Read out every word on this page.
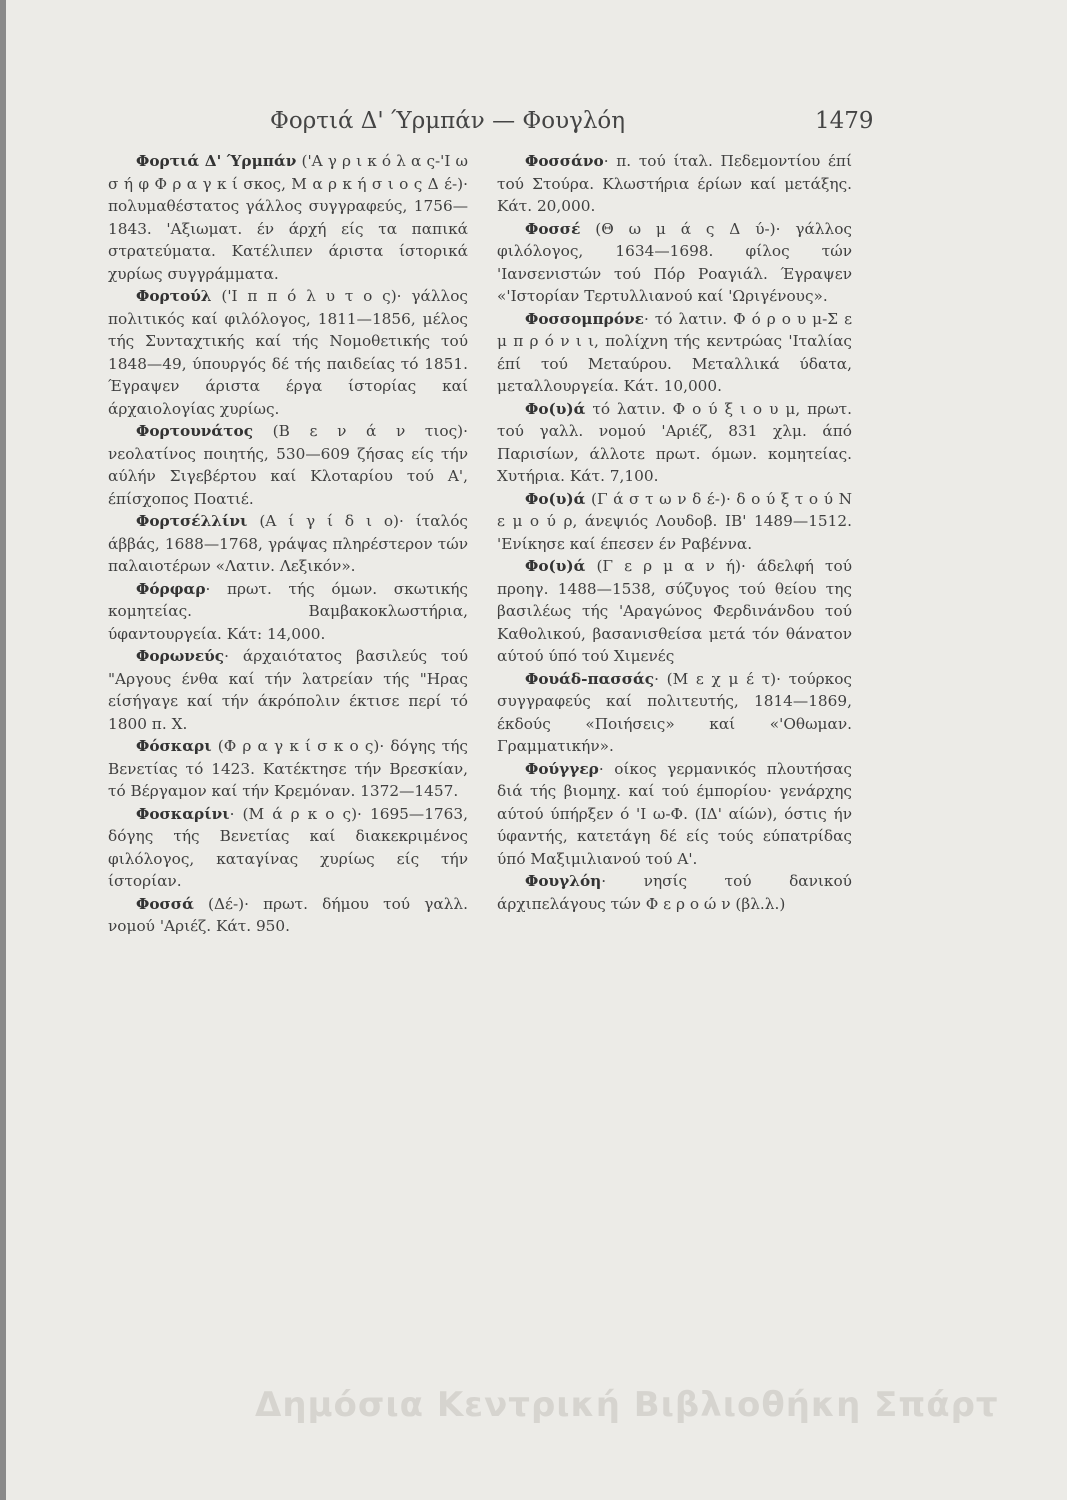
Φορτιά Δ' Ύρμπάν — Φουγλόη	1479

Φορτιά Δ' Ύρμπάν ('Α γ ρ ι κ ό λ α ς-'Ι ω σ ή φ Φ ρ α γ κ ί σκος, Μ α ρ κ ή σ ι ο ς Δ έ-)· πολυμαθέστατος γάλλος συγγραφεύς, 1756—1843. 'Αξιωματ. έν άρχή είς τα παπικά στρατεύματα. Κατέλιπεν άριστα ίστορικά χυρίως συγγράμματα.

Φορτούλ ('Ι π π ό λ υ τ ο ς)· γάλλος πολιτικός καί φιλόλογος, 1811—1856, μέλος τής Συνταχτικής καί τής Νομοθετικής τού 1848—49, ύπουργός δέ τής παιδείας τό 1851. Έγραψεν άριστα έργα ίστορίας καί άρχαιολογίας χυρίως.

Φορτουνάτος (Β ε ν ά ν τιος)· νεολατίνος ποιητής, 530—609 ζήσας είς τήν αύλήν Σιγεβέρτου καί Κλοταρίου τού Α', έπίσχοπος Ποατιέ.

Φορτσέλλίνι (Α ί γ ί δ ι ο)· ίταλός άββάς, 1688—1768, γράψας πληρέστερον τών παλαιοτέρων «Λατιν. Λεξικόν».

Φόρφαρ· πρωτ. τής όμων. σκωτικής κομητείας. Βαμβακοκλωστήρια, ύφαντουργεία. Κάτ: 14,000.

Φορωνεύς· άρχαιότατος βασιλεύς τού "Αργους ένθα καί τήν λατρείαν τής "Ηρας είσήγαγε καί τήν άκρόπολιν έκτισε περί τό 1800 π. Χ.

Φόσκαρι (Φ ρ α γ κ ί σ κ ο ς)· δόγης τής Βενετίας τό 1423. Κατέκτησε τήν Βρεσκίαν, τό Βέργαμον καί τήν Κρεμόναν. 1372—1457.

Φοσκαρίνι· (Μ ά ρ κ ο ς)· 1695—1763, δόγης τής Βενετίας καί διακεκριμένος φιλόλογος, καταγίνας χυρίως είς τήν ίστορίαν.

Φοσσά (Δέ-)· πρωτ. δήμου τού γαλλ. νομού 'Αριέζ. Κάτ. 950.

Φοσσάνο· π. τού ίταλ. Πεδεμοντίου έπί τού Στούρα. Κλωστήρια έρίων καί μετάξης. Κάτ. 20,000.

Φοσσέ (Θ ω μ ά ς Δ ύ-)· γάλλος φιλόλογος, 1634—1698. φίλος τών 'Ιανσενιστών τού Πόρ Ροαγιάλ. Έγραψεν «'Ιστορίαν Τερτυλλιανού καί 'Ωριγένους».

Φοσσομπρόνε· τό λατιν. Φ ό ρ ο υ μ-Σ ε μ π ρ ό ν ι ι, πολίχνη τής κεντρώας 'Ιταλίας έπί τού Μεταύρου. Μεταλλικά ύδατα, μεταλλουργεία. Κάτ. 10,000.

Φο(υ)ά τό λατιν. Φ ο ύ ξ ι ο υ μ, πρωτ. τού γαλλ. νομού 'Αριέζ, 831 χλμ. άπό Παρισίων, άλλοτε πρωτ. όμων. κομητείας. Χυτήρια. Κάτ. 7,100.

Φο(υ)ά (Γ ά σ τ ω ν δ έ-)· δ ο ύ ξ τ ο ύ Ν ε μ ο ύ ρ, άνεψιός Λουδοβ. ΙΒ' 1489—1512. 'Ενίκησε καί έπεσεν έν Ραβέννα.

Φο(υ)ά (Γ ε ρ μ α ν ή)· άδελφή τού προηγ. 1488—1538, σύζυγος τού θείου της βασιλέως τής 'Αραγώνος Φερδινάνδου τού Καθολικού, βασανισθείσα μετά τόν θάνατον αύτού ύπό τού Χιμενές

Φουάδ-πασσάς· (Μ ε χ μ έ τ)· τούρκος συγγραφεύς καί πολιτευτής, 1814—1869, έκδούς «Ποιήσεις» καί «'Οθωμαν. Γραμματικήν».

Φούγγερ· οίκος γερμανικός πλουτήσας διά τής βιομηχ. καί τού έμπορίου· γενάρχης αύτού ύπήρξεν ό 'Ι ω-Φ. (ΙΔ' αίών), όστις ήν ύφαντής, κατετάγη δέ είς τούς εύπατρίδας ύπό Μαξιμιλιανού τού Α'.

Φουγλόη· νησίς τού δανικού άρχιπελάγους τών Φ ε ρ ο ώ ν (βλ.λ.)

Δημόσια Κεντρική Βιβλιοθήκη Σπάρτ
